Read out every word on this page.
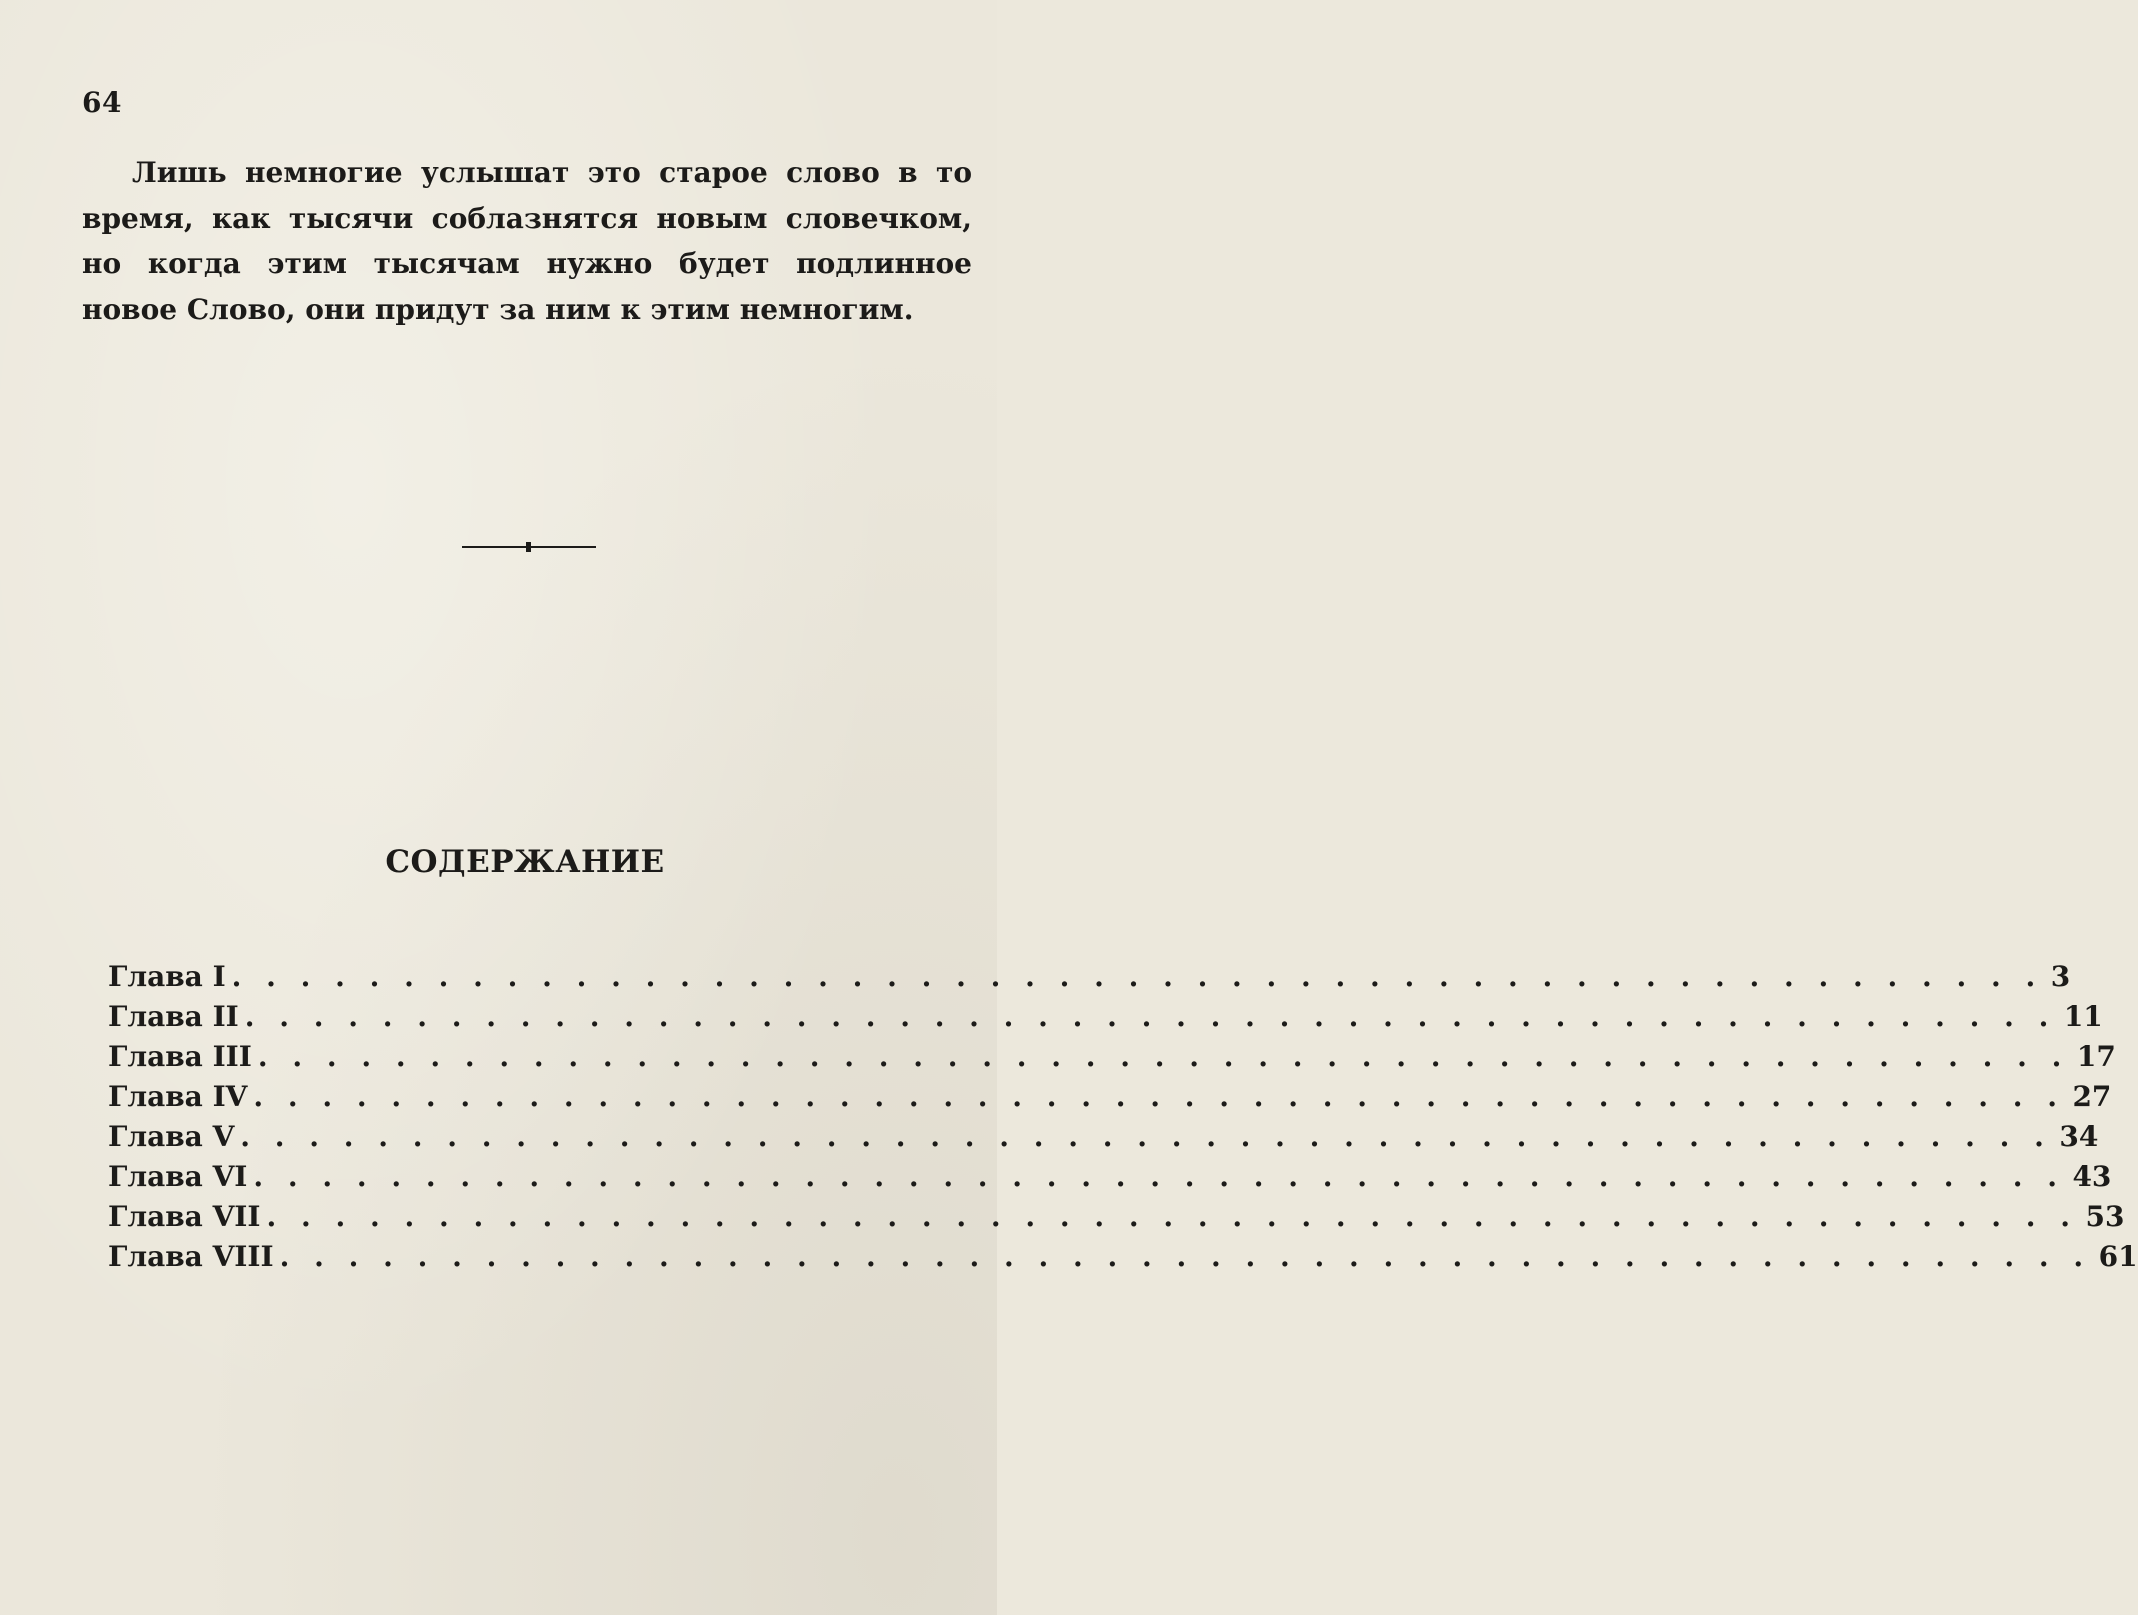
64

Лишь немногие услышат это старое слово в то время, как тысячи соблазнятся новым словечком, но когда этим тысячам нужно будет подлинное новое Слово, они придут за ним к этим немногим.

СОДЕРЖАНИЕ
Глава I . . . . . . . . . . . . . . . . . . . . . . . . . . . . . . . . . . . . . . . . . . . . . . . . . . . . . 3
Глава II . . . . . . . . . . . . . . . . . . . . . . . . . . . . . . . . . . . . . . . . . . . . . . . . . . . . . 11
Глава III . . . . . . . . . . . . . . . . . . . . . . . . . . . . . . . . . . . . . . . . . . . . . . . . . . . . . 17
Глава IV . . . . . . . . . . . . . . . . . . . . . . . . . . . . . . . . . . . . . . . . . . . . . . . . . . . . . 27
Глава V . . . . . . . . . . . . . . . . . . . . . . . . . . . . . . . . . . . . . . . . . . . . . . . . . . . . . 34
Глава VI . . . . . . . . . . . . . . . . . . . . . . . . . . . . . . . . . . . . . . . . . . . . . . . . . . . . . 43
Глава VII . . . . . . . . . . . . . . . . . . . . . . . . . . . . . . . . . . . . . . . . . . . . . . . . . . . . . 53
Глава VIII . . . . . . . . . . . . . . . . . . . . . . . . . . . . . . . . . . . . . . . . . . . . . . . . . . . . . 61
